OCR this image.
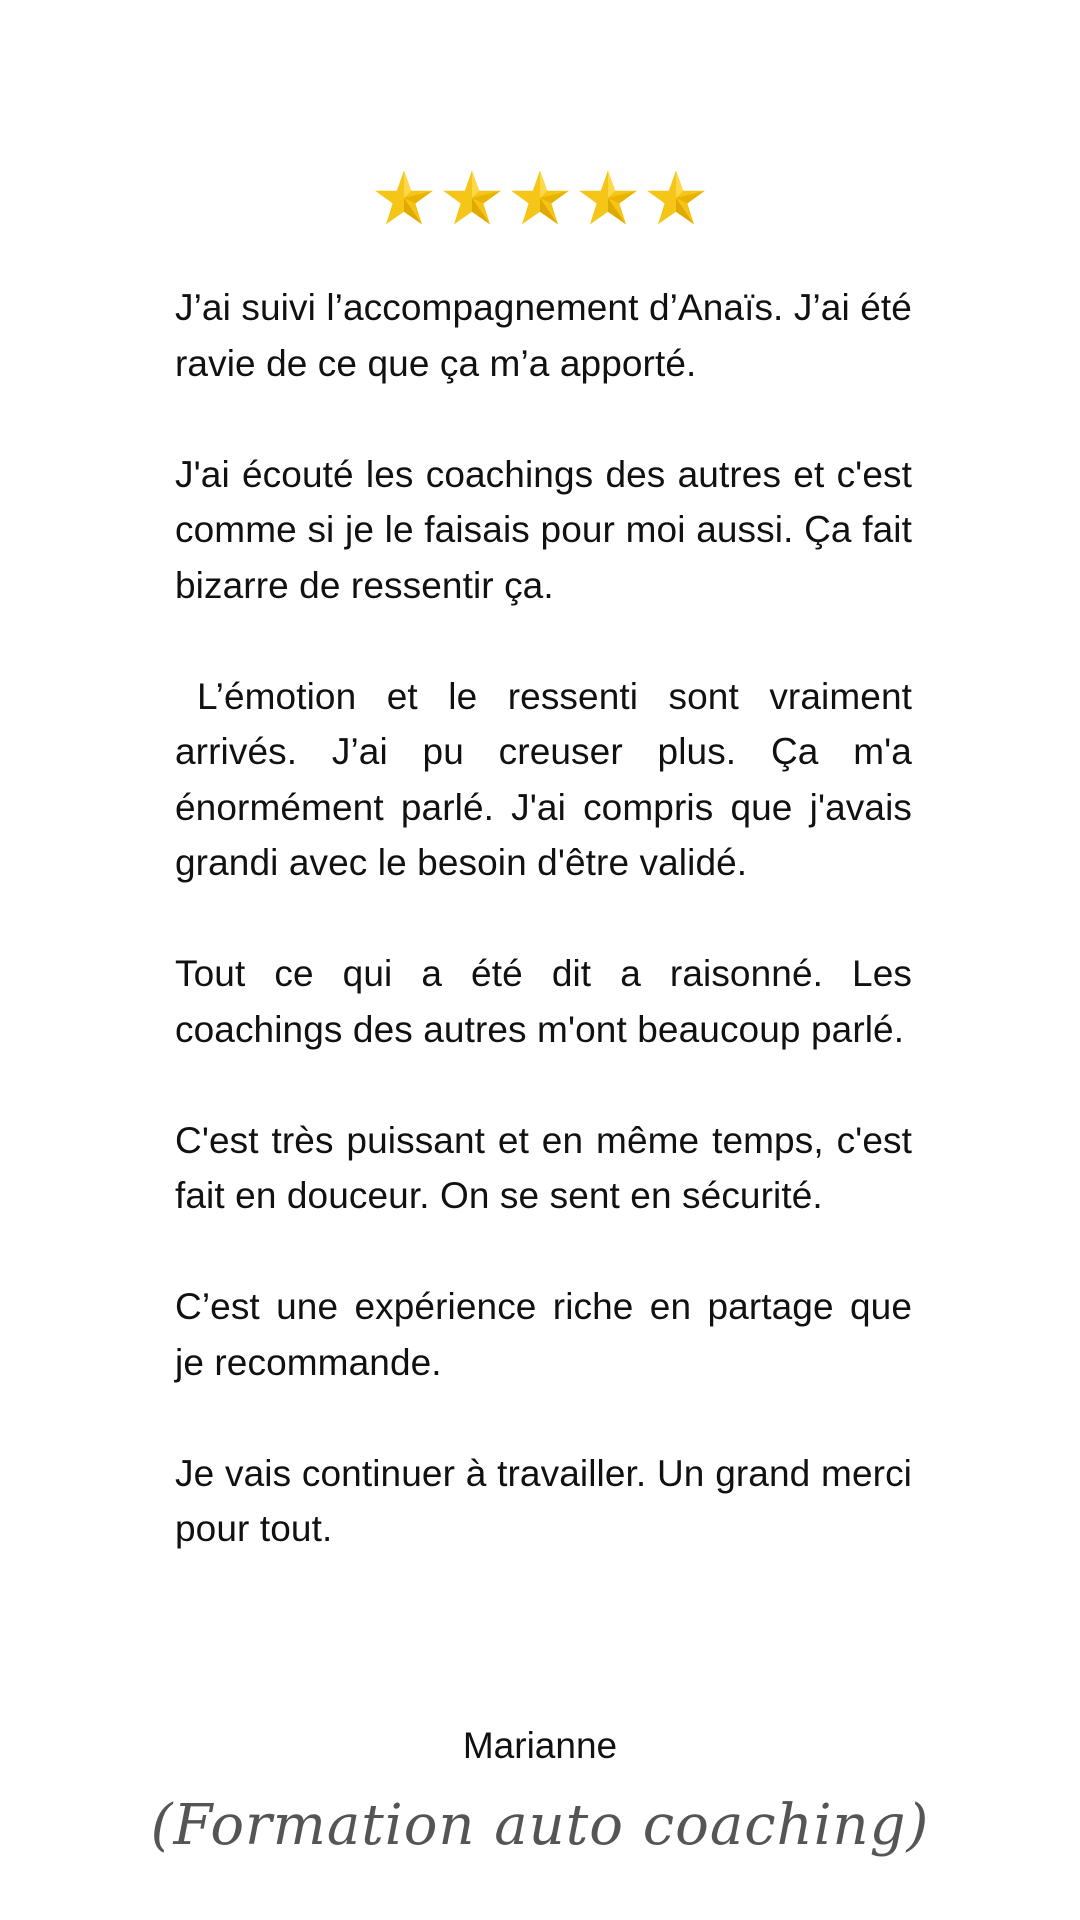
J’ai suivi l’accompagnement d’Anaïs. J’ai été ravie de ce que ça m’a apporté.

J'ai écouté les coachings des autres et c'est comme si je le faisais pour moi aussi. Ça fait bizarre de ressentir ça.

L’émotion et le ressenti sont vraiment arrivés. J’ai pu creuser plus. Ça m'a énormément parlé. J'ai compris que j'avais grandi avec le besoin d'être validé.

Tout ce qui a été dit a raisonné. Les coachings des autres m'ont beaucoup parlé.

C'est très puissant et en même temps, c'est fait en douceur. On se sent en sécurité.

C’est une expérience riche en partage que je recommande.

Je vais continuer à travailler. Un grand merci pour tout.

Marianne
(Formation auto coaching)
